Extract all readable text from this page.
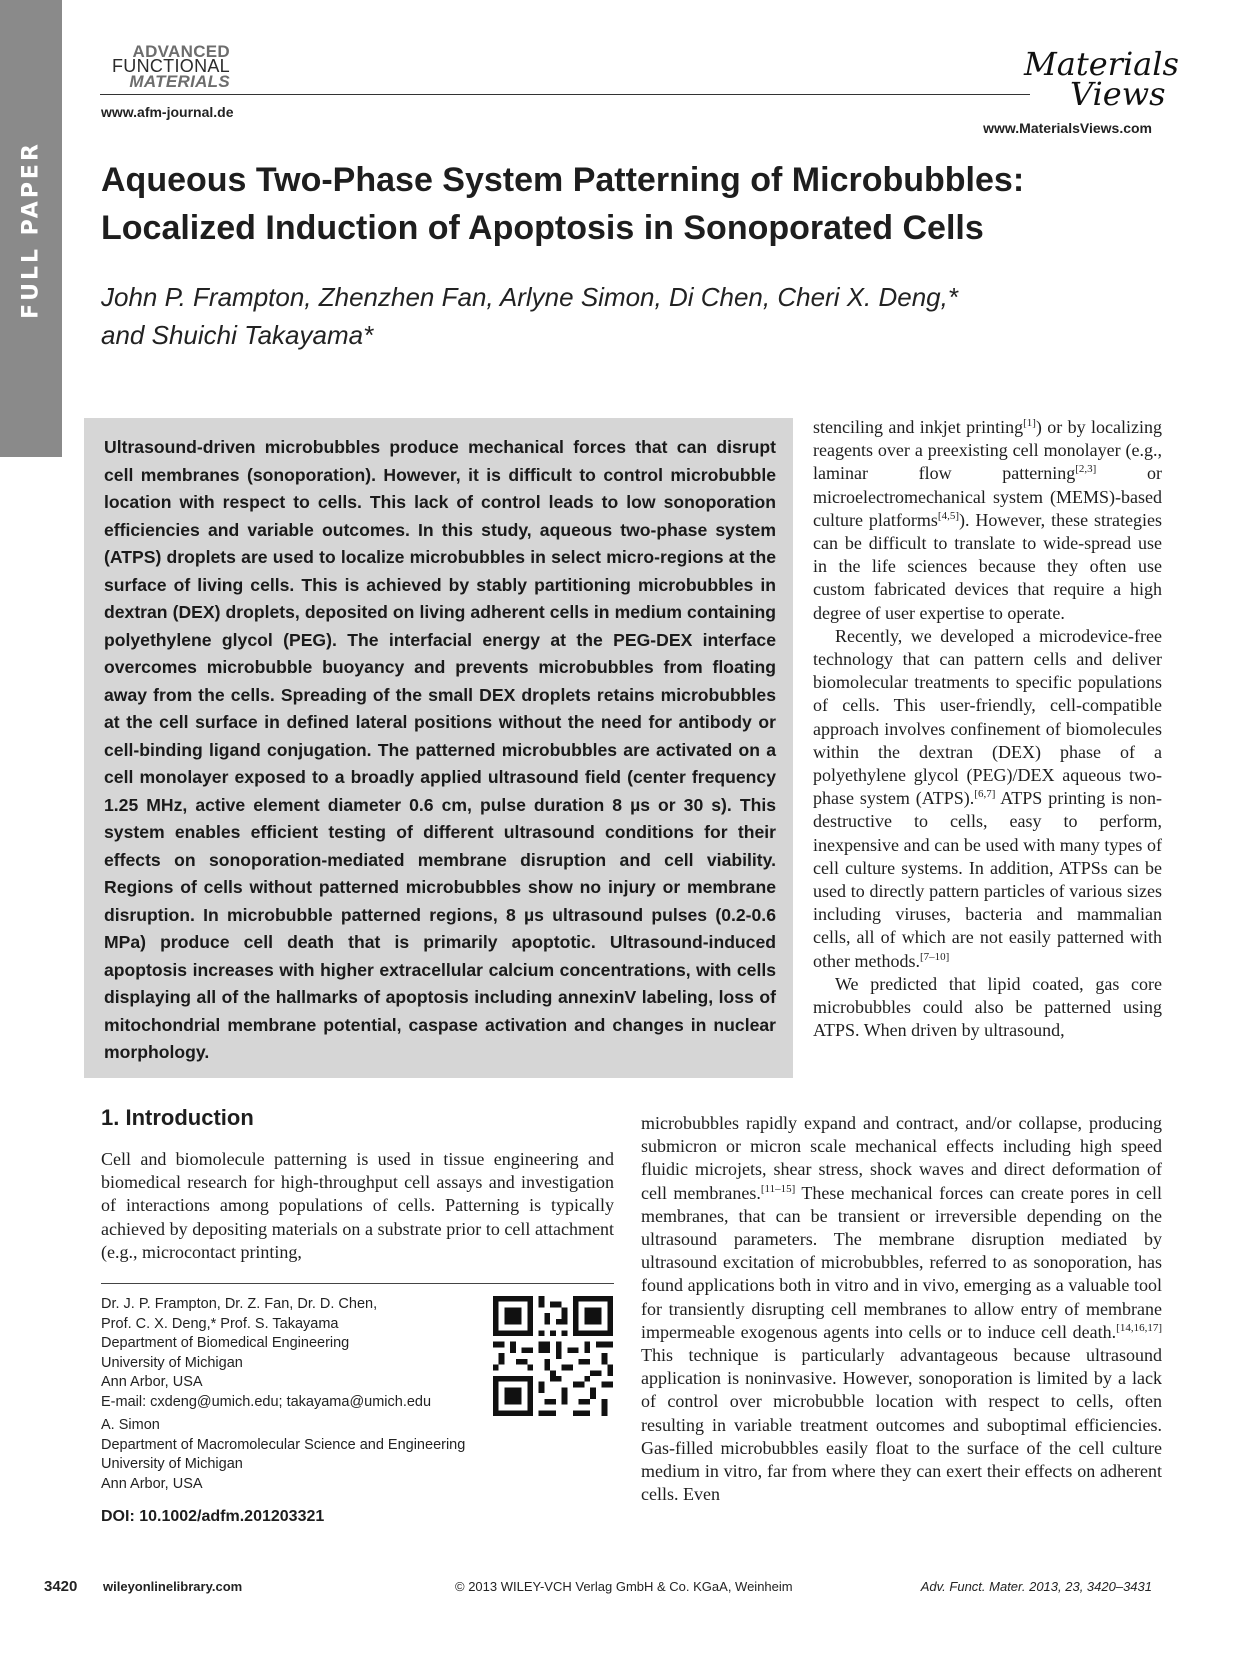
FULL PAPER
ADVANCED
FUNCTIONAL
MATERIALS
www.afm-journal.de
Materials
Views
www.MaterialsViews.com
Aqueous Two-Phase System Patterning of Microbubbles:
Localized Induction of Apoptosis in Sonoporated Cells
John P. Frampton, Zhenzhen Fan, Arlyne Simon, Di Chen, Cheri X. Deng,*
and Shuichi Takayama*
Ultrasound-driven microbubbles produce mechanical forces that can disrupt cell membranes (sonoporation). However, it is difficult to control microbubble location with respect to cells. This lack of control leads to low sonoporation efficiencies and variable outcomes. In this study, aqueous two-phase system (ATPS) droplets are used to localize microbubbles in select micro-regions at the surface of living cells. This is achieved by stably partitioning microbubbles in dextran (DEX) droplets, deposited on living adherent cells in medium containing polyethylene glycol (PEG). The interfacial energy at the PEG-DEX interface overcomes microbubble buoyancy and prevents microbubbles from floating away from the cells. Spreading of the small DEX droplets retains microbubbles at the cell surface in defined lateral positions without the need for antibody or cell-binding ligand conjugation. The patterned microbubbles are activated on a cell monolayer exposed to a broadly applied ultrasound field (center frequency 1.25 MHz, active element diameter 0.6 cm, pulse duration 8 µs or 30 s). This system enables efficient testing of different ultrasound conditions for their effects on sonoporation-mediated membrane disruption and cell viability. Regions of cells without patterned microbubbles show no injury or membrane disruption. In microbubble patterned regions, 8 µs ultrasound pulses (0.2-0.6 MPa) produce cell death that is primarily apoptotic. Ultrasound-induced apoptosis increases with higher extracellular calcium concentrations, with cells displaying all of the hallmarks of apoptosis including annexinV labeling, loss of mitochondrial membrane potential, caspase activation and changes in nuclear morphology.

stenciling and inkjet printing[1]) or by localizing reagents over a preexisting cell monolayer (e.g., laminar flow patterning[2,3] or microelectromechanical system (MEMS)-based culture platforms[4,5]). However, these strategies can be difficult to translate to wide-spread use in the life sciences because they often use custom fabricated devices that require a high degree of user expertise to operate.

Recently, we developed a microdevice-free technology that can pattern cells and deliver biomolecular treatments to specific populations of cells. This user-friendly, cell-compatible approach involves confinement of biomolecules within the dextran (DEX) phase of a polyethylene glycol (PEG)/DEX aqueous two-phase system (ATPS).[6,7] ATPS printing is non-destructive to cells, easy to perform, inexpensive and can be used with many types of cell culture systems. In addition, ATPSs can be used to directly pattern particles of various sizes including viruses, bacteria and mammalian cells, all of which are not easily patterned with other methods.[7–10]

We predicted that lipid coated, gas core microbubbles could also be patterned using ATPS. When driven by ultrasound,

microbubbles rapidly expand and contract, and/or collapse, producing submicron or micron scale mechanical effects including high speed fluidic microjets, shear stress, shock waves and direct deformation of cell membranes.[11–15] These mechanical forces can create pores in cell membranes, that can be transient or irreversible depending on the ultrasound parameters. The membrane disruption mediated by ultrasound excitation of microbubbles, referred to as sonoporation, has found applications both in vitro and in vivo, emerging as a valuable tool for transiently disrupting cell membranes to allow entry of membrane impermeable exogenous agents into cells or to induce cell death.[14,16,17] This technique is particularly advantageous because ultrasound application is noninvasive. However, sonoporation is limited by a lack of control over microbubble location with respect to cells, often resulting in variable treatment outcomes and suboptimal efficiencies. Gas-filled microbubbles easily float to the surface of the cell culture medium in vitro, far from where they can exert their effects on adherent cells. Even

1. Introduction
Cell and biomolecule patterning is used in tissue engineering and biomedical research for high-throughput cell assays and investigation of interactions among populations of cells. Patterning is typically achieved by depositing materials on a substrate prior to cell attachment (e.g., microcontact printing,
Dr. J. P. Frampton, Dr. Z. Fan, Dr. D. Chen,
Prof. C. X. Deng,* Prof. S. Takayama
Department of Biomedical Engineering
University of Michigan
Ann Arbor, USA
E-mail: cxdeng@umich.edu; takayama@umich.edu
A. Simon
Department of Macromolecular Science and Engineering
University of Michigan
Ann Arbor, USA
DOI: 10.1002/adfm.201203321
3420 wileyonlinelibrary.com	© 2013 WILEY-VCH Verlag GmbH & Co. KGaA, Weinheim	Adv. Funct. Mater. 2013, 23, 3420–3431
